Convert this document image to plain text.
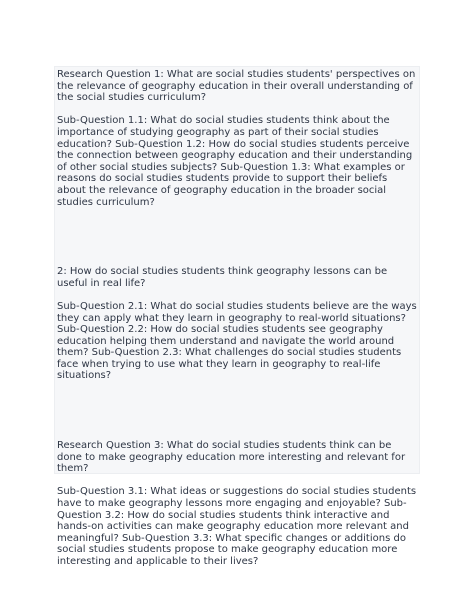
Research Question 1: What are social studies students' perspectives on the relevance of geography education in their overall understanding of the social studies curriculum?

Sub-Question 1.1: What do social studies students think about the importance of studying geography as part of their social studies education? Sub-Question 1.2: How do social studies students perceive the connection between geography education and their understanding of other social studies subjects? Sub-Question 1.3: What examples or reasons do social studies students provide to support their beliefs about the relevance of geography education in the broader social studies curriculum?

2: How do social studies students think geography lessons can be useful in real life?

Sub-Question 2.1: What do social studies students believe are the ways they can apply what they learn in geography to real-world situations? Sub-Question 2.2: How do social studies students see geography education helping them understand and navigate the world around them? Sub-Question 2.3: What challenges do social studies students face when trying to use what they learn in geography to real-life situations?

Research Question 3: What do social studies students think can be done to make geography education more interesting and relevant for them?

Sub-Question 3.1: What ideas or suggestions do social studies students have to make geography lessons more engaging and enjoyable? Sub-Question 3.2: How do social studies students think interactive and hands-on activities can make geography education more relevant and meaningful? Sub-Question 3.3: What specific changes or additions do social studies students propose to make geography education more interesting and applicable to their lives?
